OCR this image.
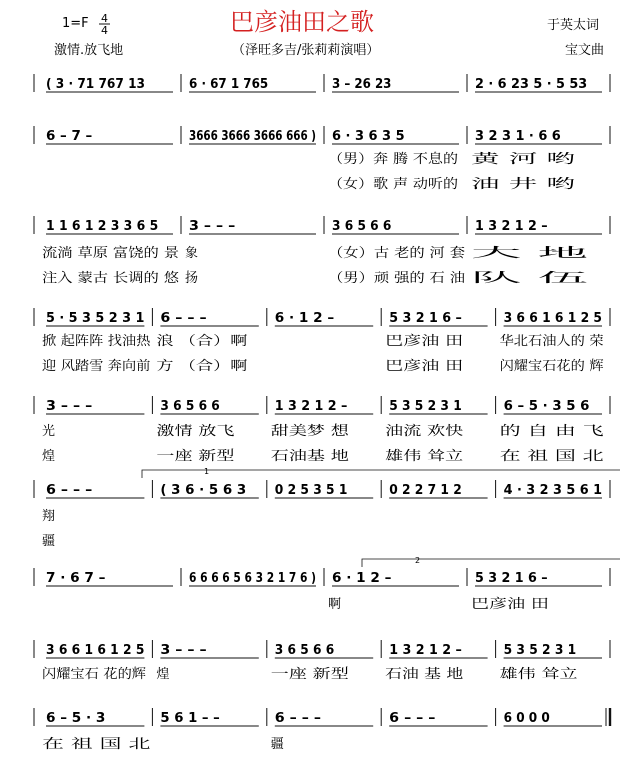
1=F 4
4	巴彦油田之歌	于英太词
激情.放飞地	（泽旺多吉/张莉莉演唱）	宝文曲
1
2
( 3 · 71 767 13	6 · 67 1 765	3 – 26 23	2 · 6 23 5 · 5 53
6 – 7 –	3666 3666 3666 666 ) 6 · 3 6 3 5	3 2 3 1 · 6 6
（男）奔 腾 不息的	黄 河 哟
（女）歌 声 动听的	油 井 哟
1 1 6 1 2 3 3 6 5 3 – – –	3 6 5 6 6	1 3 2 1 2 –
流淌 草原 富饶的 景	象	（女）古 老的 河 套	大 地
注入 蒙古 长调的 悠	扬	（男）顽 强的 石 油	队 伍
5 · 5 3 5 2 3 1 6 – – –	6 · 1 2 –	5 3 2 1 6 –	3 6 6 1 6 1 2 5
掀 起阵阵 找油热	浪 （合）啊	巴彦油 田	华北石油人的 荣
迎 风踏雪 奔向前	方 （合）啊	巴彦油 田	闪耀宝石花的 辉
3 – – –	3 6 5 6 6	1 3 2 1 2 –	5 3 5 2 3 1	6 – 5 · 3 5 6
光	激情 放飞	甜美梦 想	油流 欢快	的 自 由 飞
煌	一座 新型	石油基 地	雄伟 耸立	在 祖 国 北
6 – – –	( 3 6 · 5 6 3 0 2 5 3 5 1	0 2 2 7 1 2	4 · 3 2 3 5 6 1
翔
疆
7 · 6 7 –	6 6 6 6 5 6 3 2 1 7 6 ) 6 · 1 2 –	5 3 2 1 6 –
啊	巴彦油 田
3 6 6 1 6 1 2 5 3 – – –	3 6 5 6 6	1 3 2 1 2 –	5 3 5 2 3 1
闪耀宝石 花的辉	煌	一座 新型	石油 基 地	雄伟 耸立
6 – 5 · 3	5 6 1 – –	6 – – –	6 – – –	6 0 0 0
在 祖 国 北	疆
